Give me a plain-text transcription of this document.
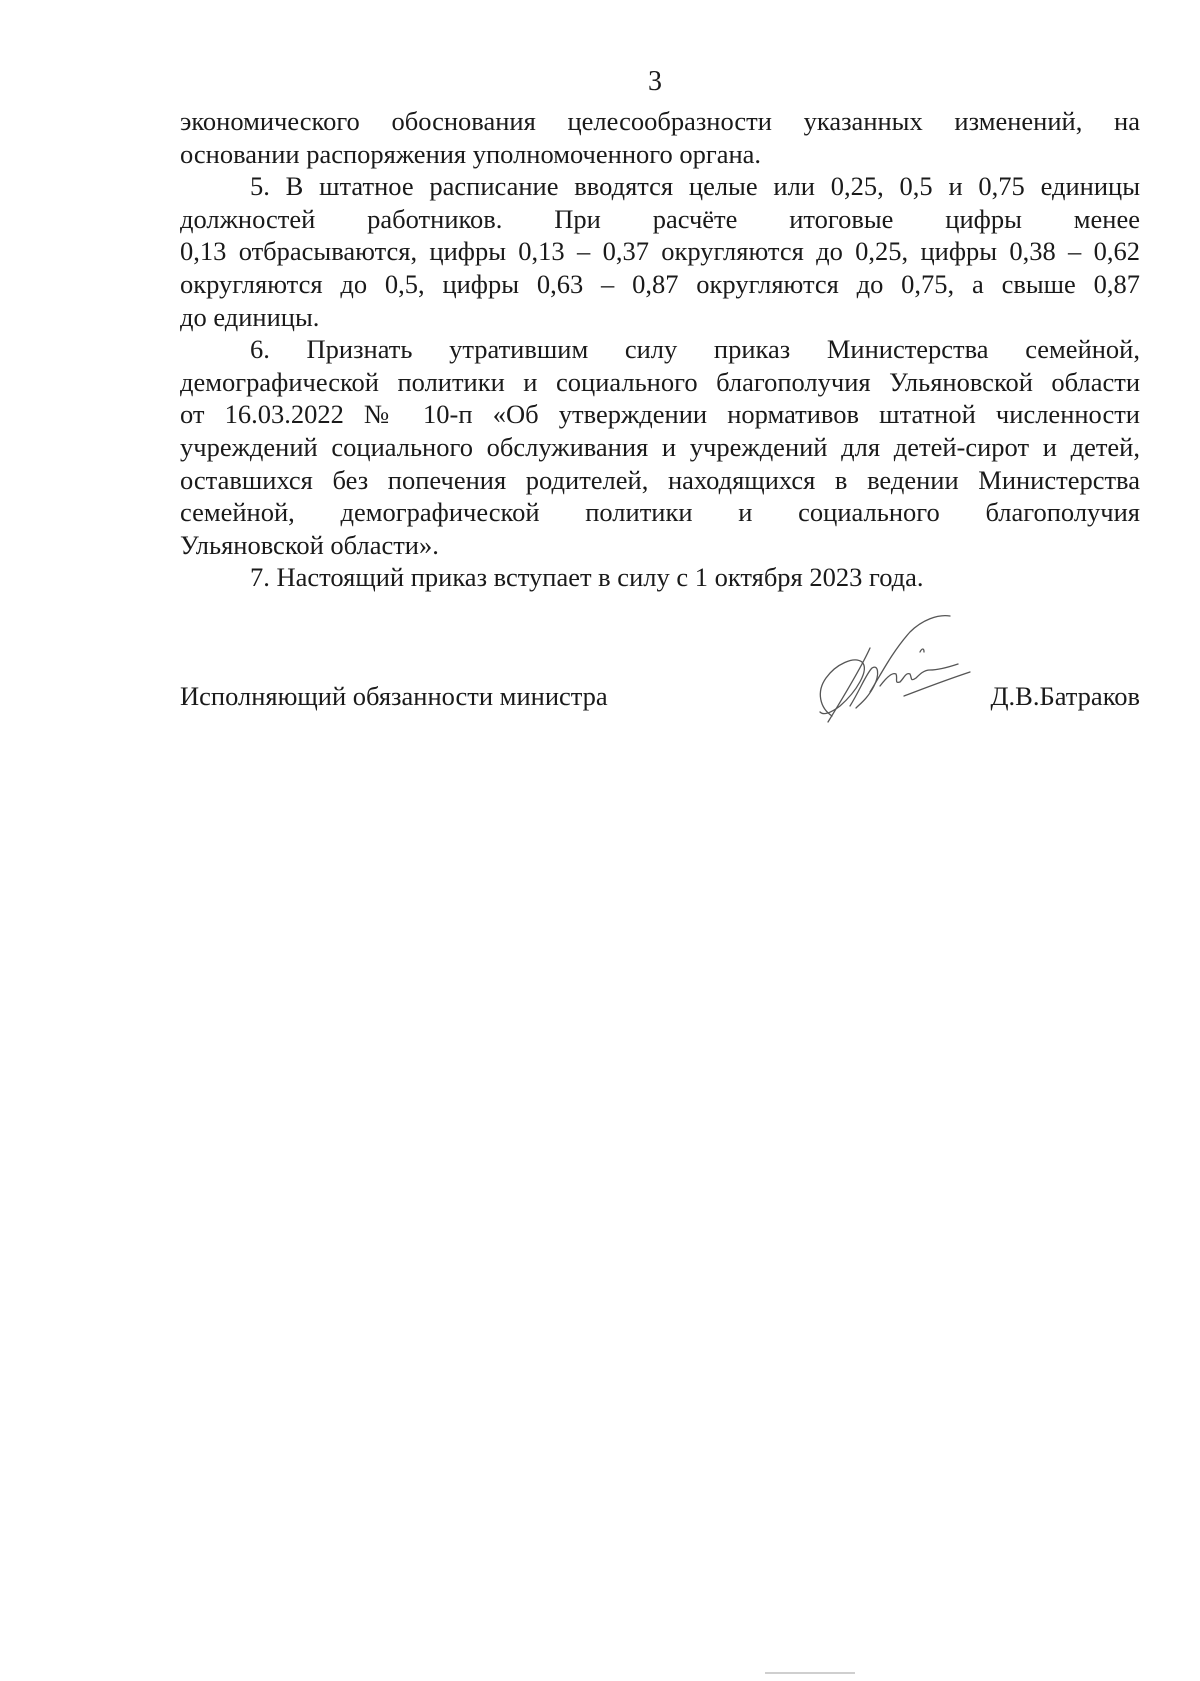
3

экономического обоснования целесообразности указанных изменений, на
основании распоряжения уполномоченного органа.

5. В штатное расписание вводятся целые или 0,25, 0,5 и 0,75 единицы
должностей работников. При расчёте итоговые цифры менее
0,13 отбрасываются, цифры 0,13 – 0,37 округляются до 0,25, цифры 0,38 – 0,62
округляются до 0,5, цифры 0,63 – 0,87 округляются до 0,75, а свыше 0,87
до единицы.

6. Признать утратившим силу приказ Министерства семейной,
демографической политики и социального благополучия Ульяновской области
от 16.03.2022 № 10-п «Об утверждении нормативов штатной численности
учреждений социального обслуживания и учреждений для детей-сирот и детей,
оставшихся без попечения родителей, находящихся в ведении Министерства
семейной, демографической политики и социального благополучия
Ульяновской области».

7. Настоящий приказ вступает в силу с 1 октября 2023 года.

Исполняющий обязанности министра	Д.В.Батраков
